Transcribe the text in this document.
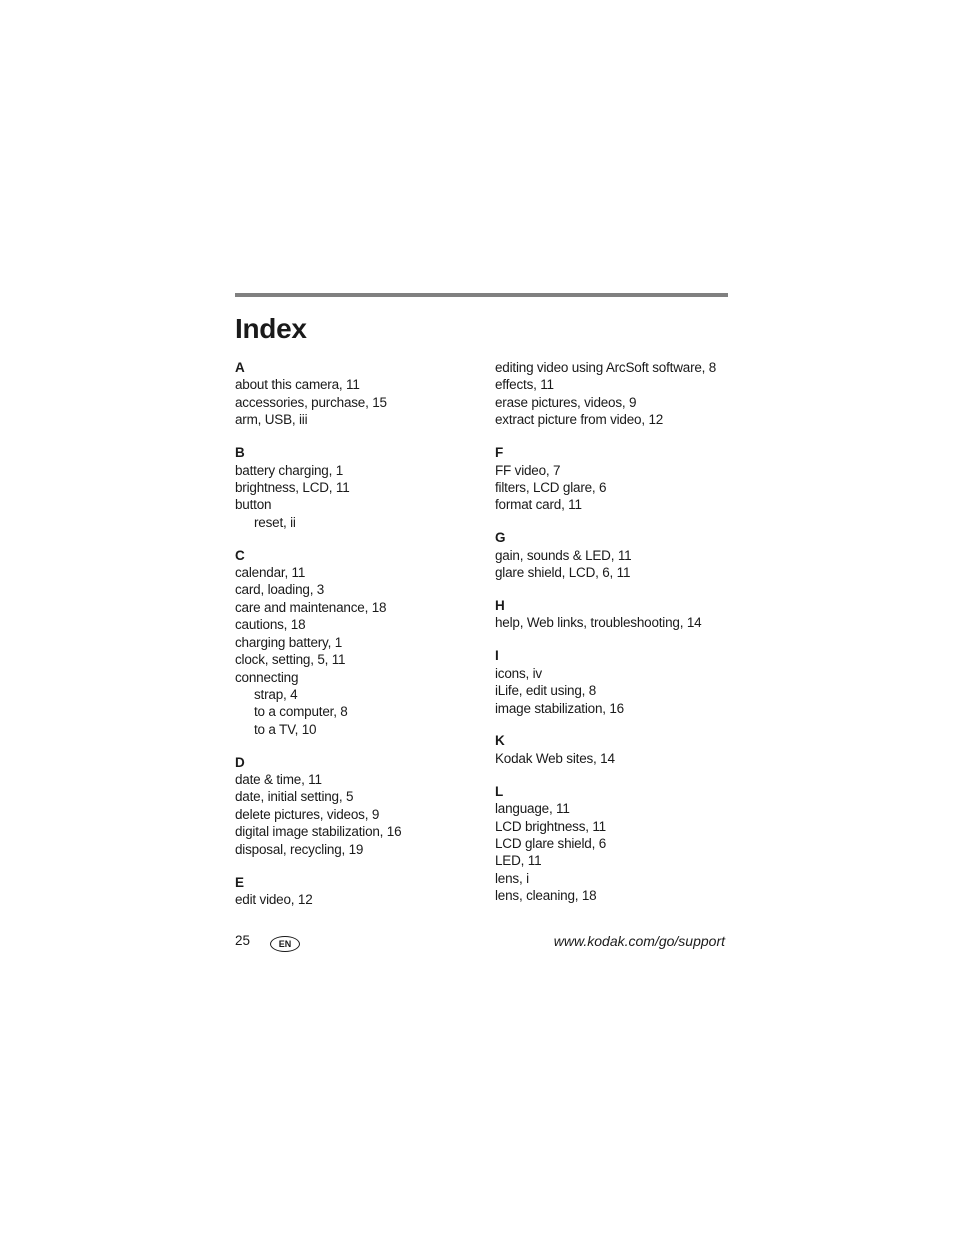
Index
A
about this camera, 11
accessories, purchase, 15
arm, USB, iii
B
battery charging, 1
brightness, LCD, 11
button
reset, ii
C
calendar, 11
card, loading, 3
care and maintenance, 18
cautions, 18
charging battery, 1
clock, setting, 5, 11
connecting
strap, 4
to a computer, 8
to a TV, 10
D
date & time, 11
date, initial setting, 5
delete pictures, videos, 9
digital image stabilization, 16
disposal, recycling, 19
E
edit video, 12
editing video using ArcSoft software, 8
effects, 11
erase pictures, videos, 9
extract picture from video, 12
F
FF video, 7
filters, LCD glare, 6
format card, 11
G
gain, sounds & LED, 11
glare shield, LCD, 6, 11
H
help, Web links, troubleshooting, 14
I
icons, iv
iLife, edit using, 8
image stabilization, 16
K
Kodak Web sites, 14
L
language, 11
LCD brightness, 11
LCD glare shield, 6
LED, 11
lens, i
lens, cleaning, 18
25	EN	www.kodak.com/go/support
